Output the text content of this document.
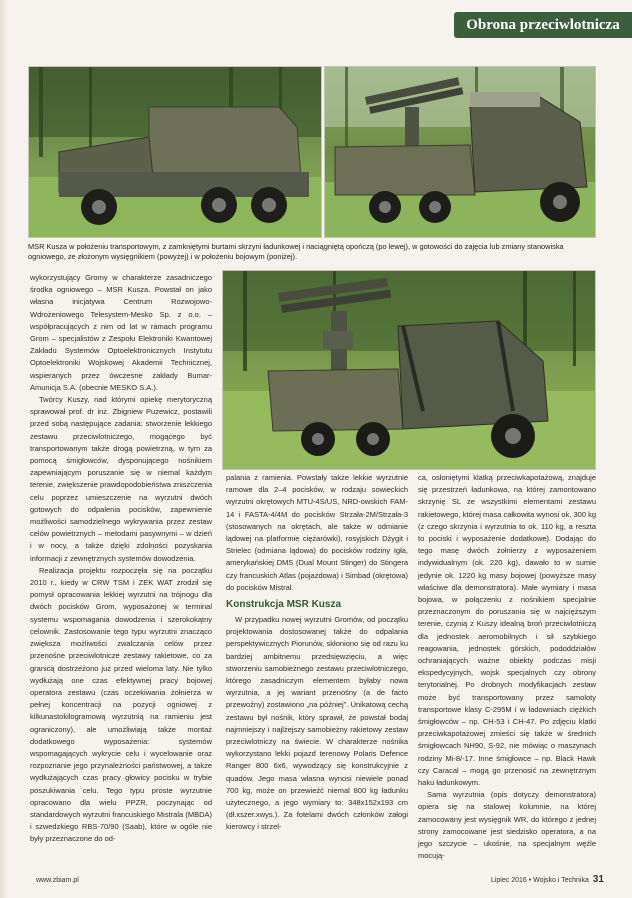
Obrona przeciwlotnicza
MSR Kusza w położeniu transportowym, z zamkniętymi burtami skrzyni ładunkowej i naciągniętą opończą (po lewej), w gotowości do zajęcia lub zmiany stanowiska ogniowego, ze złożonym wysięgnikiem (powyżej) i w położeniu bojowym (poniżej).

wykorzystujący Gromy w charakterze zasadniczego środka ogniowego – MSR Kusza. Powstał on jako własna inicjatywa Centrum Rozwojowo-Wdrożeniowego Telesystem-Mesko Sp. z o.o. – współpracujących z nim od lat w ramach programu Grom – specjalistów z Zespołu Elektroniki Kwantowej Zakładu Systemów Optoelektronicznych Instytutu Optoelektroniki Wojskowej Akademii Technicznej, wspieranych przez ówczesne zakłady Bumar-Amunicja S.A. (obecnie MESKO S.A.).

Twórcy Kuszy, nad którymi opiekę merytoryczną sprawował prof. dr inż. Zbigniew Puzewicz, postawili przed sobą następujące zadania: stworzenie lekkiego zestawu przeciwlotniczego, mogącego być transportowanym także drogą powietrzną, w tym za pomocą śmigłowców, dysponującego nośnikiem zapewniającym poruszanie się w niemal każdym terenie, zwiększenie prawdopodobieństwa zniszczenia celu poprzez umieszczenie na wyrzutni dwóch gotowych do odpalenia pocisków, zapewnienie możliwości samodzielnego wykrywania przez zestaw celów powietrznych – metodami pasywnymi – w dzień i w nocy, a także dzięki zdolności pozyskania informacji z zewnętrznych systemów dowodzenia.

Realizacja projektu rozpoczęła się na początku 2010 r., kiedy w CRW TSM i ZEK WAT zrodził się pomysł opracowania lekkiej wyrzutni na trójnogu dla dwóch pocisków Grom, wyposażonej w terminal systemu wspomagania dowodzenia i szerokokątny celownik. Zastosowanie tego typu wyrzutni znacząco zwiększa możliwości zwalczania celów przez przenośne przeciwlotnicze zestawy rakietowe, co za granicą dostrzeżono już przed wieloma laty. Nie tylko wydłużają one czas efektywnej pracy bojowej operatora zestawu (czas oczekiwania żołnierza w pełnej koncentracji na pozycji ogniowej z kilkunastokilogramową wyrzutnią na ramieniu jest ograniczony), ale umożliwiają także montaż dodatkowego wyposażenia: systemów wspomagających wykrycie celu i wycelowanie oraz rozpoznanie jego przynależności państwowej, a także wydłużających czas pracy głowicy pocisku w trybie poszukiwania celu. Tego typu proste wyrzutnie opracowano dla wielu PPZR, poczynając od standardowych wyrzutni francuskiego Mistrala (MBDA) i szwedzkiego RBS-70/90 (Saab), które w ogóle nie były przeznaczone do od-

palania z ramienia. Powstały także lekkie wyrzutnie ramowe dla 2–4 pocisków, w rodzaju sowieckich wyrzutni okrętowych MTU-4S/US, NRD-owskich FAM-14 i FASTA-4/4M do pocisków Strzała-2M/Strzała-3 (stosowanych na okrętach, ale także w odmianie lądowej na platformie ciężarówki), rosyjskich Dżygit i Strielec (odmiana lądowa) do pocisków rodziny Igła, amerykańskiej DMS (Dual Mount Stinger) do Stingera czy francuskich Atlas (pojazdowa) i Simbad (okrętowa) do pocisków Mistral.

Konstrukcja MSR Kusza

W przypadku nowej wyrzutni Gromów, od początku projektowania dostosowanej także do odpalania perspektywicznych Piorunów, skłoniono się od razu ku bardziej ambitnemu przedsięwzięciu, a więc stworzeniu samobieżnego zestawu przeciwlotniczego, którego zasadniczym elementem byłaby nowa wyrzutnia, a jej wariant przenośny (a de facto przewoźny) zostawiono „na później”. Unikatową cechą zestawu był nośnik, który sprawił, że powstał bodaj najmniejszy i najlżejszy samobieżny rakietowy zestaw przeciwlotniczy na świecie. W charakterze nośnika wykorzystano lekki pojazd terenowy Polaris Defence Ranger 800 6x6, wywodzący się konstrukcyjnie z quadów. Jego masa własna wynosi niewiele ponad 700 kg, może on przewieźć niemal 800 kg ładunku użytecznego, a jego wymiary to: 348x152x193 cm (dł.xszer.xwys.). Za fotelami dwóch członków załogi kierowcy i strzel-

ca, osłoniętymi klatką przeciwkapotażową, znajduje się przestrzeń ładunkowa, na której zamontowano skrzynię SL ze wszystkimi elementami zestawu rakietowego, której masa całkowita wynosi ok. 300 kg (z czego skrzynia i wyrzutnia to ok. 110 kg, a reszta to pociski i wyposażenie dodatkowe). Dodając do tego masę dwóch żołnierzy z wyposażeniem indywidualnym (ok. 220 kg), dawało to w sumie jedynie ok. 1220 kg masy bojowej (powyższe masy właściwe dla demonstratora). Małe wymiary i masa bojowa, w połączeniu z nośnikiem specjalnie przeznaczonym do poruszania się w najcięższym terenie, czynią z Kuszy idealną broń przeciwlotniczą dla jednostek aeromobilnych i sił szybkiego reagowania, jednostek górskich, pododdziałów ochraniających ważne obiekty podczas misji ekspedycyjnych, wojsk specjalnych czy obrony terytorialnej. Po drobnych modyfikacjach zestaw może być transportowany przez samoloty transportowe klasy C-295M i w ładowniach ciężkich śmigłowców – np. CH-53 i CH-47. Po zdjęciu klatki przeciwkapotażowej zmieści się także w średnich śmigłowcach NH90, S-92, nie mówiąc o maszynach rodziny Mi-8/-17. Inne śmigłowce – np. Black Hawk czy Caracal – mogą go przenosić na zewnętrznym haku ładunkowym.

Sama wyrzutnia (opis dotyczy demonstratora) opiera się na stalowej kolumnie, na której zamocowany jest wysięgnik WR, do którego z jednej strony zamocowane jest siedzisko operatora, a na jego szczycie – ukośnie, na specjalnym węźle mocują-

www.zbiam.pl	Lipiec 2016 • Wojsko i Technika 31
